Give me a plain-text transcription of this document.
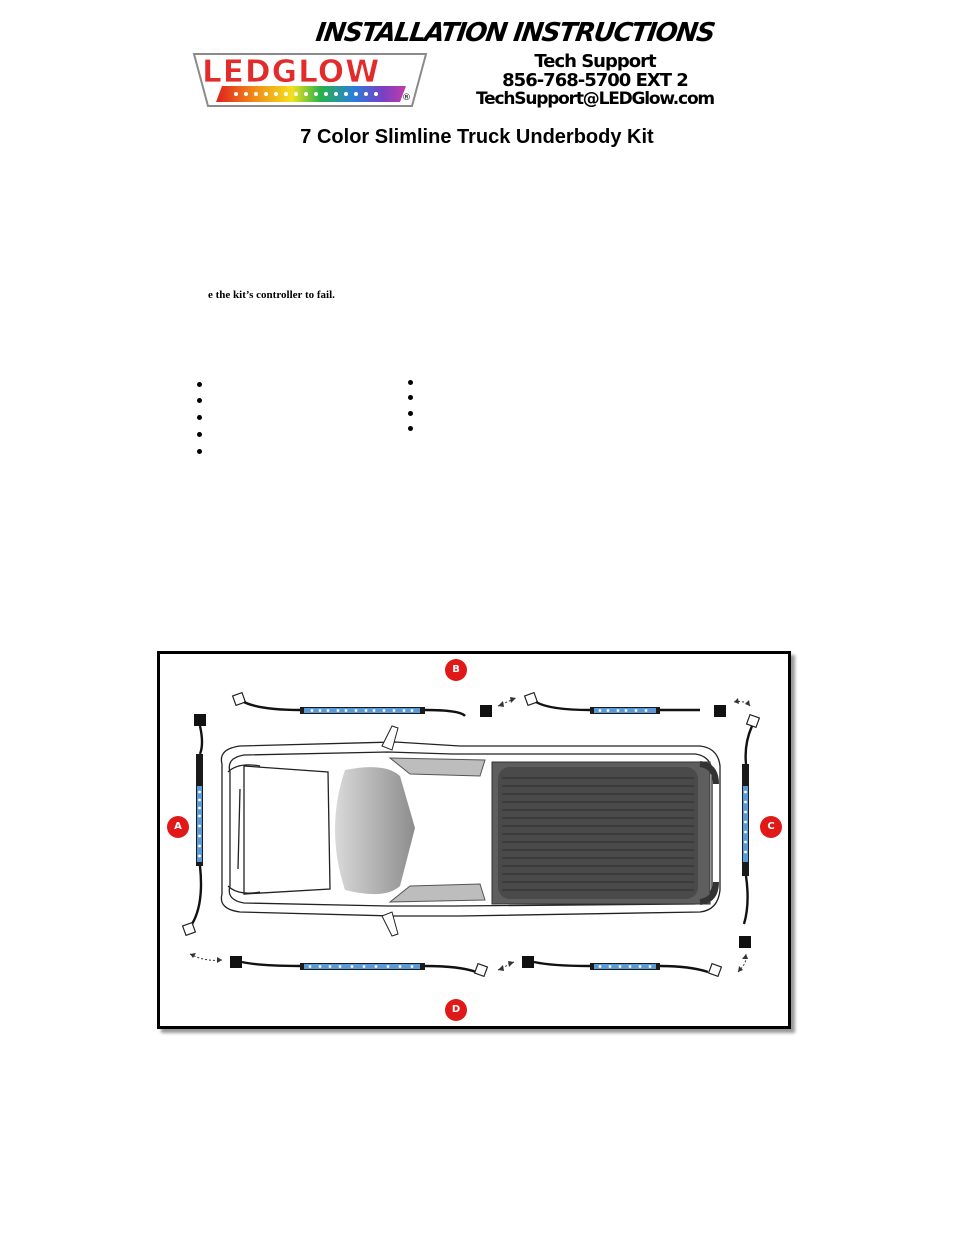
INSTALLATION INSTRUCTIONS
LEDGLOW
®
Tech Support
856-768-5700 EXT 2
TechSupport@LEDGlow.com
7 Color Slimline Truck Underbody Kit
e the kit’s controller to fail.
B
A	C
D
